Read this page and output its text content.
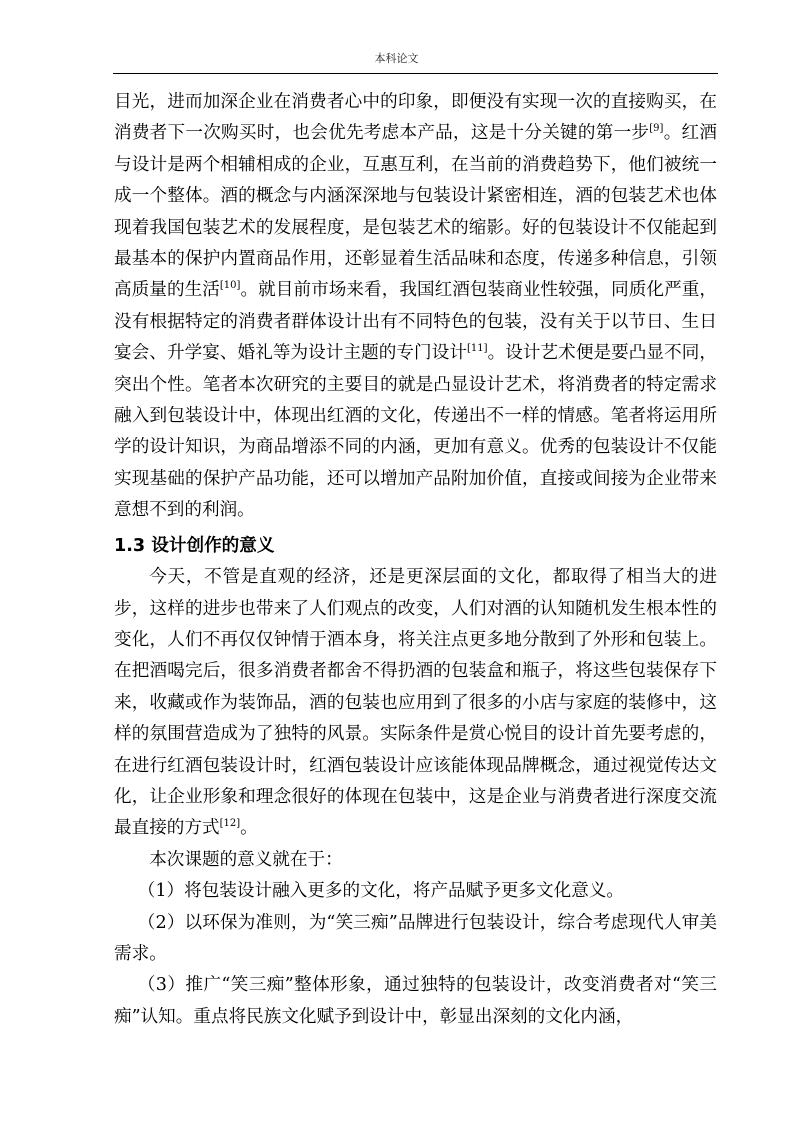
本科论文

目光，进而加深企业在消费者心中的印象，即便没有实现一次的直接购买，在消费者下一次购买时，也会优先考虑本产品，这是十分关键的第一步[9]。红酒与设计是两个相辅相成的企业，互惠互利，在当前的消费趋势下，他们被统一成一个整体。酒的概念与内涵深深地与包装设计紧密相连，酒的包装艺术也体现着我国包装艺术的发展程度，是包装艺术的缩影。好的包装设计不仅能起到最基本的保护内置商品作用，还彰显着生活品味和态度，传递多种信息，引领高质量的生活[10]。就目前市场来看，我国红酒包装商业性较强，同质化严重，没有根据特定的消费者群体设计出有不同特色的包装，没有关于以节日、生日宴会、升学宴、婚礼等为设计主题的专门设计[11]。设计艺术便是要凸显不同，突出个性。笔者本次研究的主要目的就是凸显设计艺术，将消费者的特定需求融入到包装设计中，体现出红酒的文化，传递出不一样的情感。笔者将运用所学的设计知识，为商品增添不同的内涵，更加有意义。优秀的包装设计不仅能实现基础的保护产品功能，还可以增加产品附加价值，直接或间接为企业带来意想不到的利润。

1.3 设计创作的意义

今天，不管是直观的经济，还是更深层面的文化，都取得了相当大的进步，这样的进步也带来了人们观点的改变，人们对酒的认知随机发生根本性的变化，人们不再仅仅钟情于酒本身，将关注点更多地分散到了外形和包装上。在把酒喝完后，很多消费者都舍不得扔酒的包装盒和瓶子，将这些包装保存下来，收藏或作为装饰品，酒的包装也应用到了很多的小店与家庭的装修中，这样的氛围营造成为了独特的风景。实际条件是赏心悦目的设计首先要考虑的，在进行红酒包装设计时，红酒包装设计应该能体现品牌概念，通过视觉传达文化，让企业形象和理念很好的体现在包装中，这是企业与消费者进行深度交流最直接的方式[12]。

本次课题的意义就在于：

（1）将包装设计融入更多的文化，将产品赋予更多文化意义。

（2）以环保为准则，为“笑三痴”品牌进行包装设计，综合考虑现代人审美需求。

（3）推广“笑三痴”整体形象，通过独特的包装设计，改变消费者对“笑三痴”认知。重点将民族文化赋予到设计中，彰显出深刻的文化内涵，
